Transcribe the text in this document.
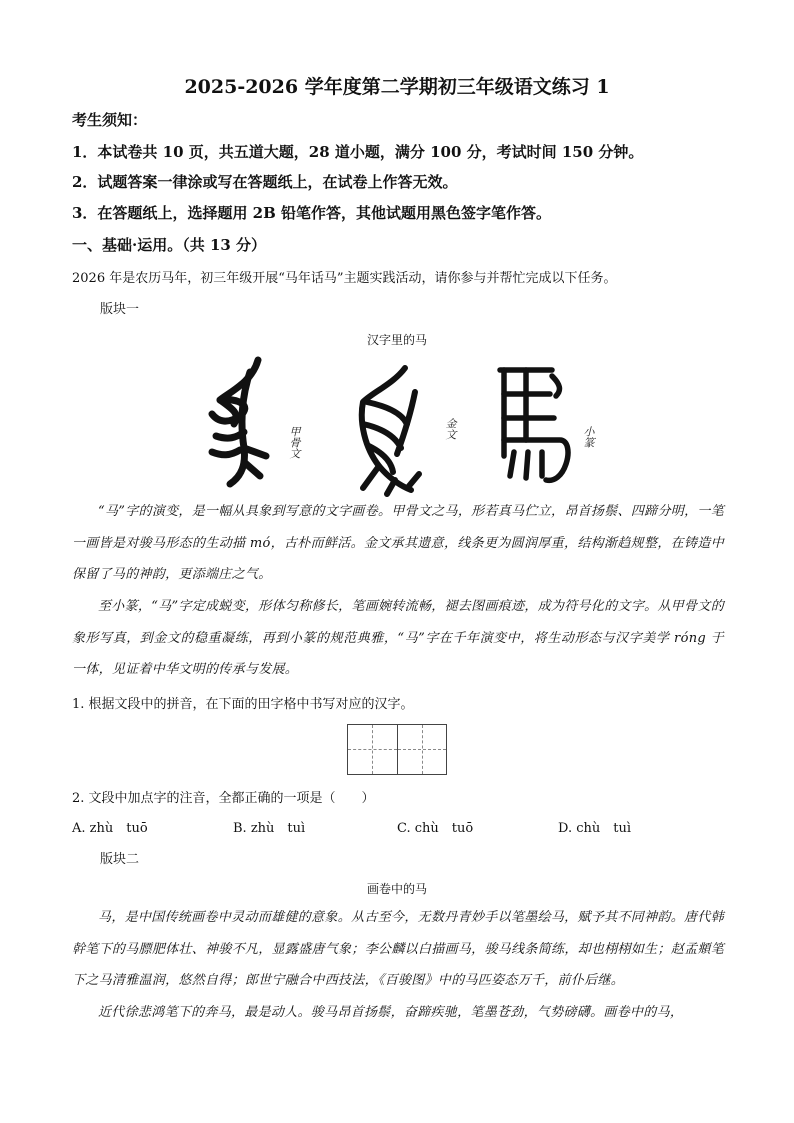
2025-2026 学年度第二学期初三年级语文练习 1
考生须知：
1．本试卷共 10 页，共五道大题，28 道小题，满分 100 分，考试时间 150 分钟。
2．试题答案一律涂或写在答题纸上，在试卷上作答无效。
3．在答题纸上，选择题用 2B 铅笔作答，其他试题用黑色签字笔作答。
一、基础·运用。（共 13 分）
2026 年是农历马年，初三年级开展“马年话马”主题实践活动，请你参与并帮忙完成以下任务。
版块一
汉字里的马
甲骨文	金文	小篆
“马”字的演变，是一幅从具象到写意的文字画卷。甲骨文之马，形若真马伫立，昂首扬鬃、四蹄分明，一笔一画皆是对骏马形态的生动描 mó，古朴而鲜活。金文承其遗意，线条更为圆润厚重，结构渐趋规整，在铸造中保留了马的神韵，更添端庄之气。
至小篆，“马”字定成蜕变，形体匀称修长，笔画婉转流畅，褪去图画痕迹，成为符号化的文字。从甲骨文的象形写真，到金文的稳重凝练，再到小篆的规范典雅，“马”字在千年演变中，将生动形态与汉字美学 róng 于一体，见证着中华文明的传承与发展。
1. 根据文段中的拼音，在下面的田字格中书写对应的汉字。
2. 文段中加点字的注音，全都正确的一项是（　　）
A. zhù　tuō	B. zhù　tuì	C. chù　tuō	D. chù　tuì
版块二
画卷中的马
马，是中国传统画卷中灵动而雄健的意象。从古至今，无数丹青妙手以笔墨绘马，赋予其不同神韵。唐代韩幹笔下的马膘肥体壮、神骏不凡，显露盛唐气象；李公麟以白描画马，骏马线条简练，却也栩栩如生；赵孟頫笔下之马清雅温润，悠然自得；郎世宁融合中西技法，《百骏图》中的马匹姿态万千，前仆后继。
近代徐悲鸿笔下的奔马，最是动人。骏马昂首扬鬃，奋蹄疾驰，笔墨苍劲，气势磅礴。画卷中的马，
